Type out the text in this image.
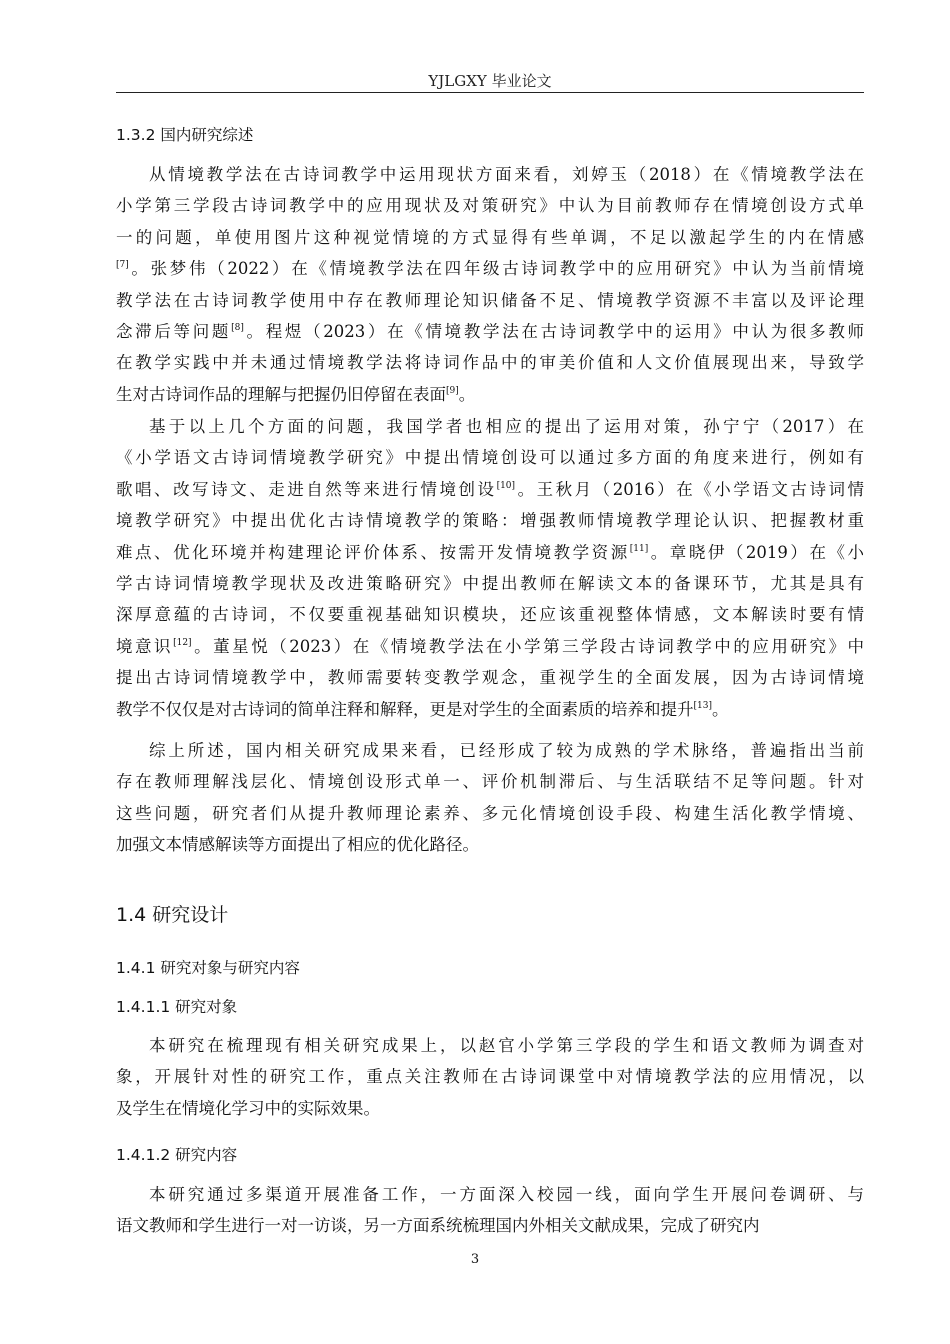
YJLGXY 毕业论文
1.3.2 国内研究综述
从情境教学法在古诗词教学中运用现状方面来看，刘婷玉（2018）在《情境教学法在
小学第三学段古诗词教学中的应用现状及对策研究》中认为目前教师存在情境创设方式单
一的问题，单使用图片这种视觉情境的方式显得有些单调，不足以激起学生的内在情感
[7]。张梦伟（2022）在《情境教学法在四年级古诗词教学中的应用研究》中认为当前情境
教学法在古诗词教学使用中存在教师理论知识储备不足、情境教学资源不丰富以及评论理
念滞后等问题[8]。程煜（2023）在《情境教学法在古诗词教学中的运用》中认为很多教师
在教学实践中并未通过情境教学法将诗词作品中的审美价值和人文价值展现出来，导致学
生对古诗词作品的理解与把握仍旧停留在表面[9]。
基于以上几个方面的问题，我国学者也相应的提出了运用对策，孙宁宁（2017）在
《小学语文古诗词情境教学研究》中提出情境创设可以通过多方面的角度来进行，例如有
歌唱、改写诗文、走进自然等来进行情境创设[10]。王秋月（2016）在《小学语文古诗词情
境教学研究》中提出优化古诗情境教学的策略：增强教师情境教学理论认识、把握教材重
难点、优化环境并构建理论评价体系、按需开发情境教学资源[11]。章晓伊（2019）在《小
学古诗词情境教学现状及改进策略研究》中提出教师在解读文本的备课环节，尤其是具有
深厚意蕴的古诗词，不仅要重视基础知识模块，还应该重视整体情感，文本解读时要有情
境意识[12]。董星悦（2023）在《情境教学法在小学第三学段古诗词教学中的应用研究》中
提出古诗词情境教学中，教师需要转变教学观念，重视学生的全面发展，因为古诗词情境
教学不仅仅是对古诗词的简单注释和解释，更是对学生的全面素质的培养和提升[13]。
综上所述，国内相关研究成果来看，已经形成了较为成熟的学术脉络，普遍指出当前
存在教师理解浅层化、情境创设形式单一、评价机制滞后、与生活联结不足等问题。针对
这些问题，研究者们从提升教师理论素养、多元化情境创设手段、构建生活化教学情境、
加强文本情感解读等方面提出了相应的优化路径。
1.4 研究设计
1.4.1 研究对象与研究内容
1.4.1.1 研究对象
本研究在梳理现有相关研究成果上，以赵官小学第三学段的学生和语文教师为调查对
象，开展针对性的研究工作，重点关注教师在古诗词课堂中对情境教学法的应用情况，以
及学生在情境化学习中的实际效果。
1.4.1.2 研究内容
本研究通过多渠道开展准备工作，一方面深入校园一线，面向学生开展问卷调研、与
语文教师和学生进行一对一访谈，另一方面系统梳理国内外相关文献成果，完成了研究内
3
